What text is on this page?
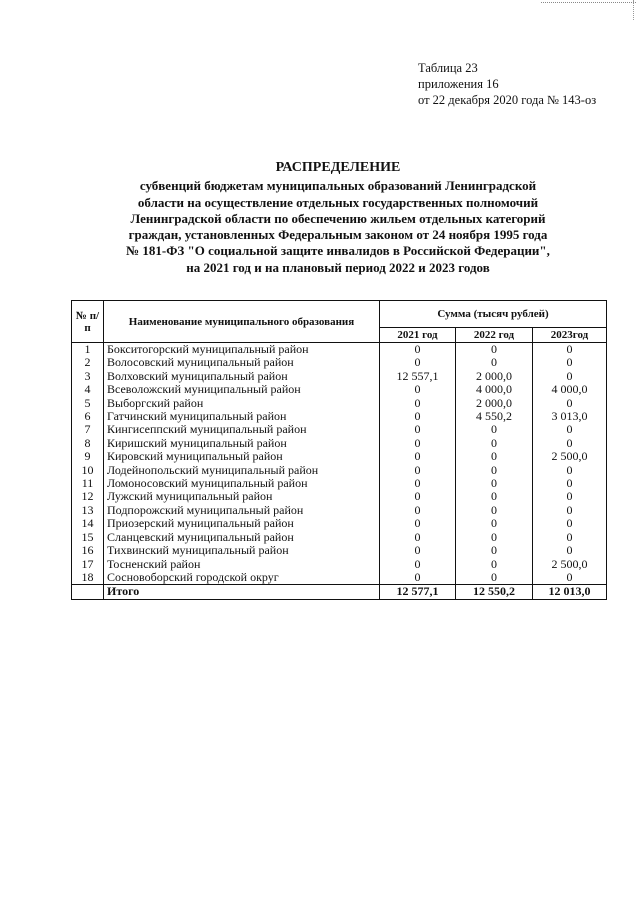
Таблица 23
приложения 16
от 22 декабря 2020 года № 143-оз
РАСПРЕДЕЛЕНИЕ
субвенций бюджетам муниципальных образований Ленинградской
области на осуществление отдельных государственных полномочий
Ленинградской области по обеспечению жильем отдельных категорий
граждан, установленных Федеральным законом от 24 ноября 1995 года
№ 181-ФЗ "О социальной защите инвалидов в Российской Федерации",
на 2021 год и на плановый период 2022 и 2023 годов
№ п/п	Наименование муниципального образования	Сумма (тысяч рублей)		
		2021 год	2022 год	2023год
1	Бокситогорский муниципальный район	0	0	0
2	Волосовский муниципальный район	0	0	0
3	Волховский муниципальный район	12 557,1	2 000,0	0
4	Всеволожский муниципальный район	0	4 000,0	4 000,0
5	Выборгский район	0	2 000,0	0
6	Гатчинский муниципальный район	0	4 550,2	3 013,0
7	Кингисеппский муниципальный район	0	0	0
8	Киришский муниципальный район	0	0	0
9	Кировский муниципальный район	0	0	2 500,0
10	Лодейнопольский муниципальный район	0	0	0
11	Ломоносовский муниципальный район	0	0	0
12	Лужский муниципальный район	0	0	0
13	Подпорожский муниципальный район	0	0	0
14	Приозерский муниципальный район	0	0	0
15	Сланцевский муниципальный район	0	0	0
16	Тихвинский муниципальный район	0	0	0
17	Тосненский район	0	0	2 500,0
18	Сосновоборский городской округ	0	0	0
	Итого	12 577,1	12 550,2	12 013,0
